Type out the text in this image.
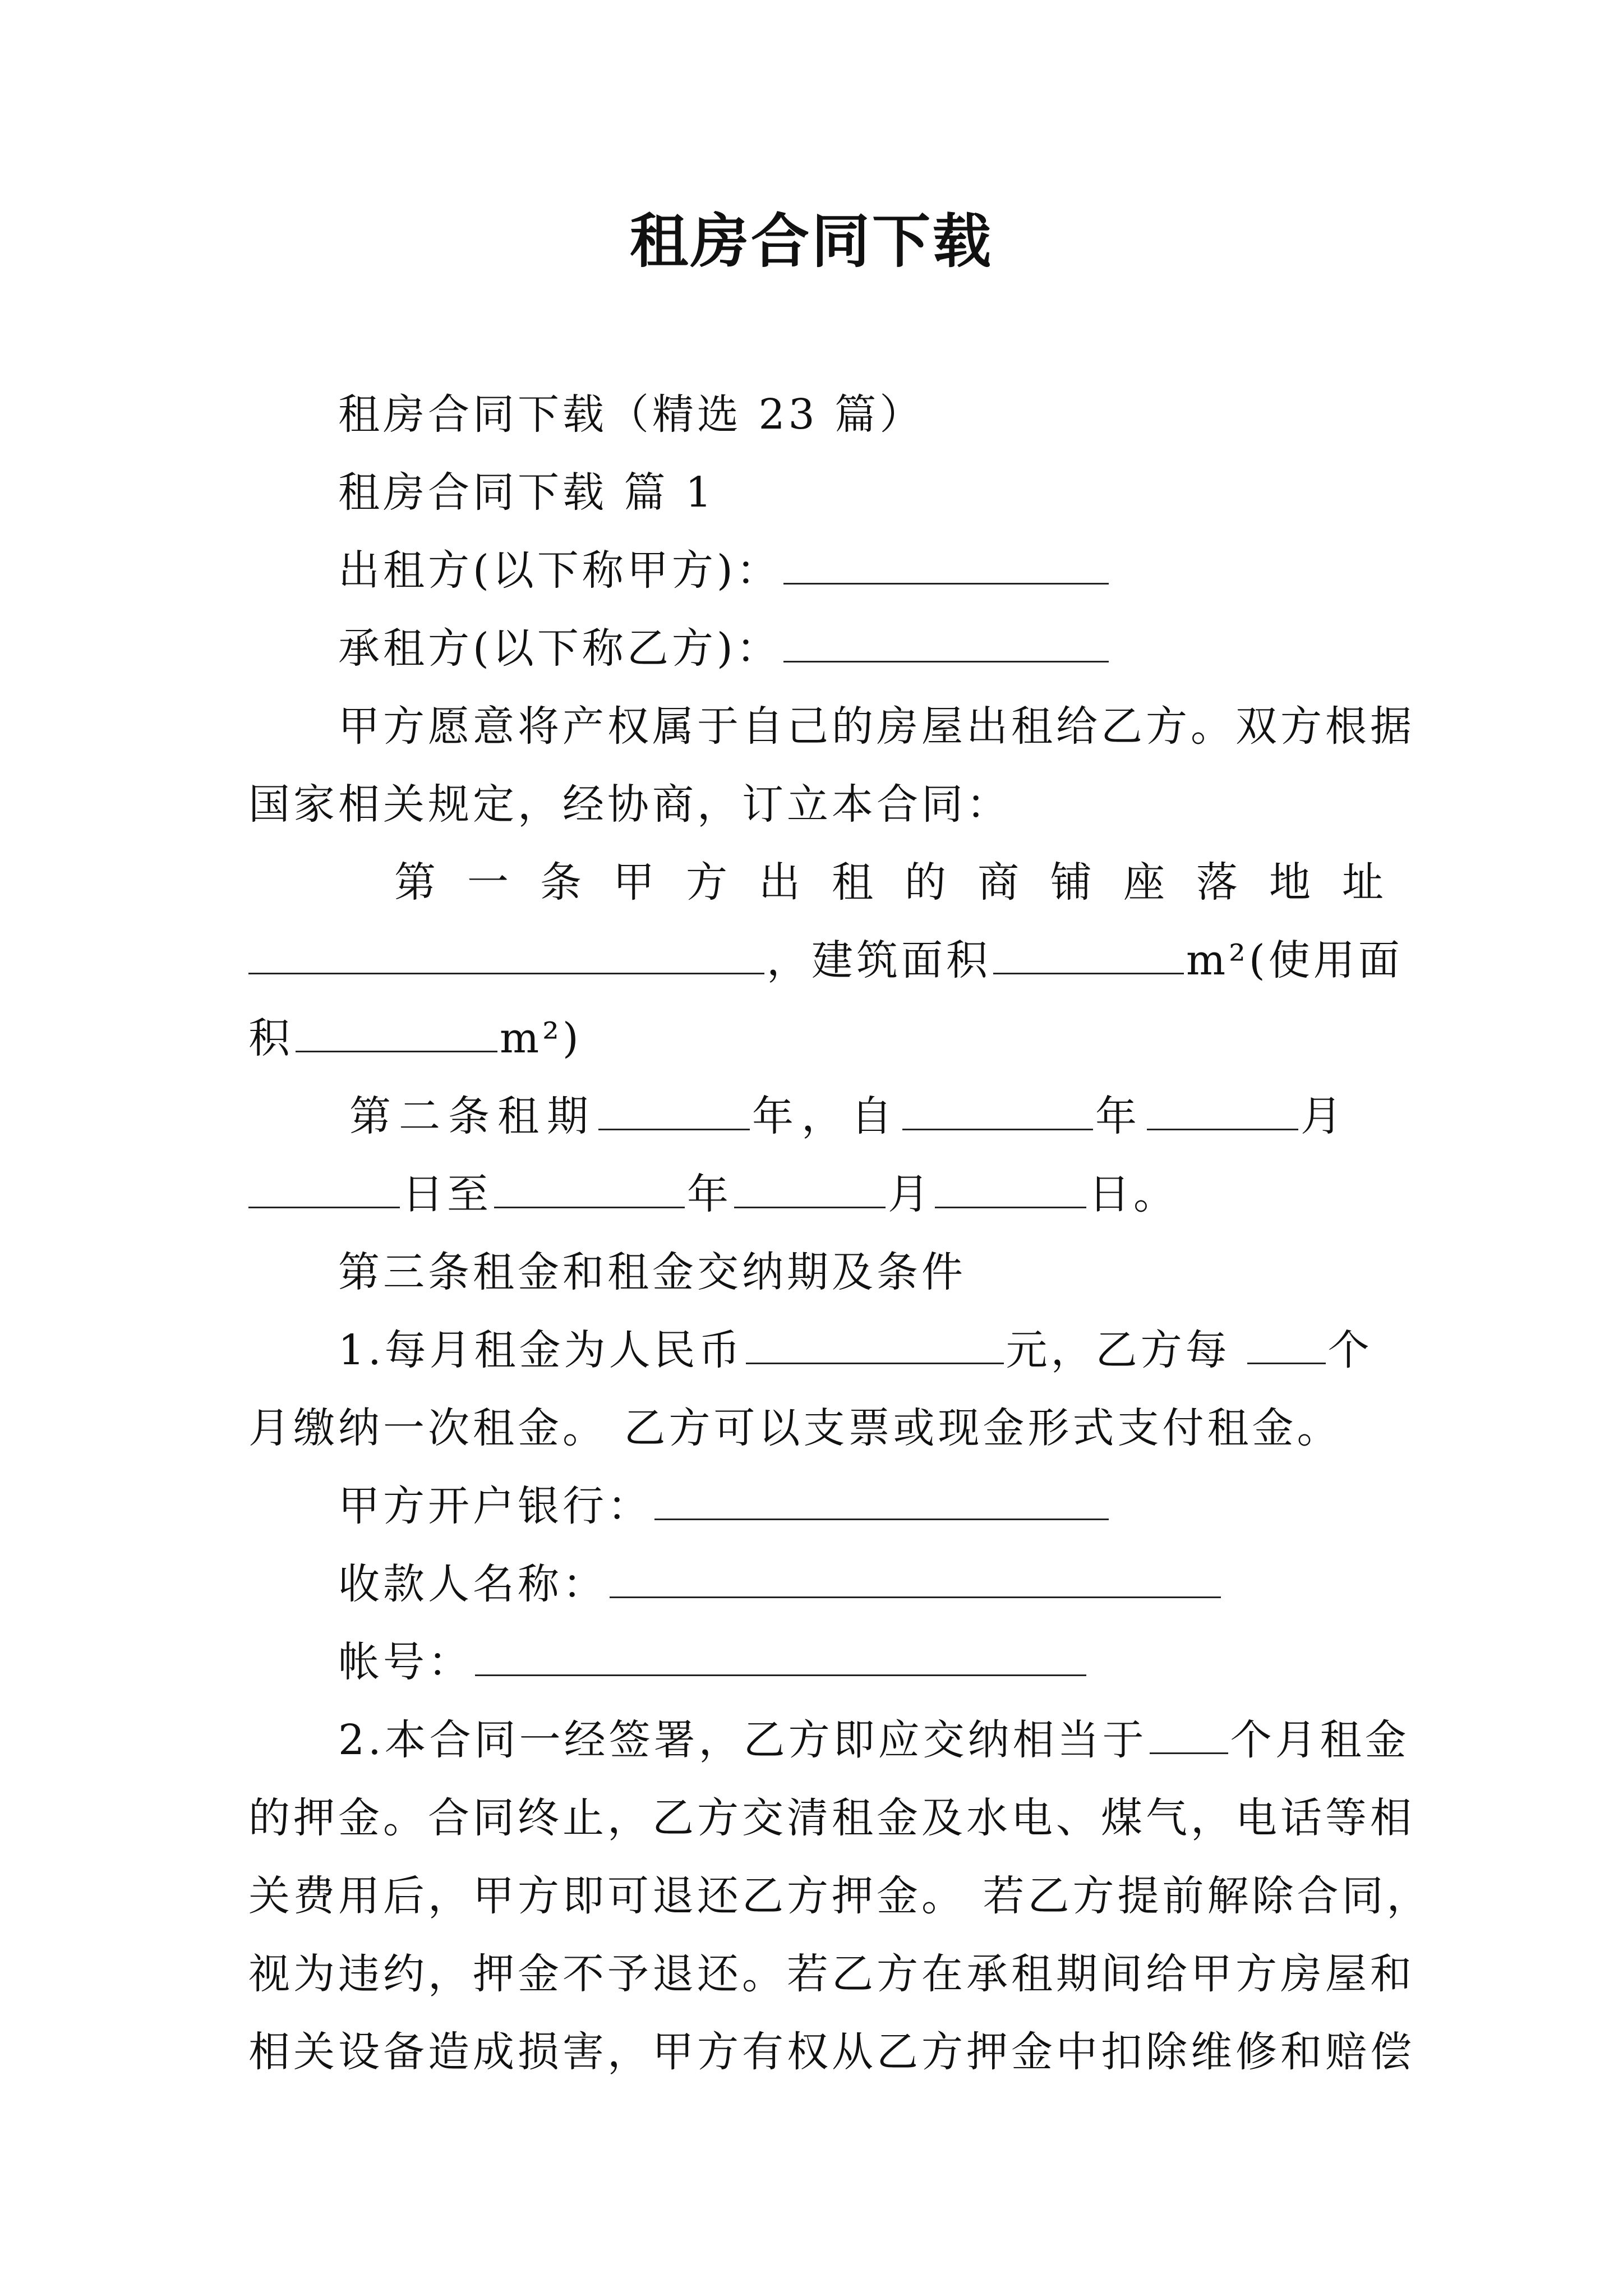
租房合同下载
租房合同下载（精选 23 篇）
租房合同下载 篇 1
出租方(以下称甲方)：
承租方(以下称乙方)：
甲方愿意将产权属于自己的房屋出租给乙方。双方根据
国家相关规定，经协商，订立本合同：
第 一 条 甲 方 出 租 的 商 铺 座 落 地 址
，建筑面积	m²(使用面
积	m²)
第二条租期	年，自	年	月
日至	年	月	日。
第三条租金和租金交纳期及条件
1.每月租金为人民币	元，乙方每 个
月缴纳一次租金。 乙方可以支票或现金形式支付租金。
甲方开户银行：
收款人名称：
帐号：
2.本合同一经签署，乙方即应交纳相当于 个月租金
的押金。合同终止，乙方交清租金及水电、煤气，电话等相
关费用后，甲方即可退还乙方押金。 若乙方提前解除合同，
视为违约，押金不予退还。若乙方在承租期间给甲方房屋和
相关设备造成损害，甲方有权从乙方押金中扣除维修和赔偿
